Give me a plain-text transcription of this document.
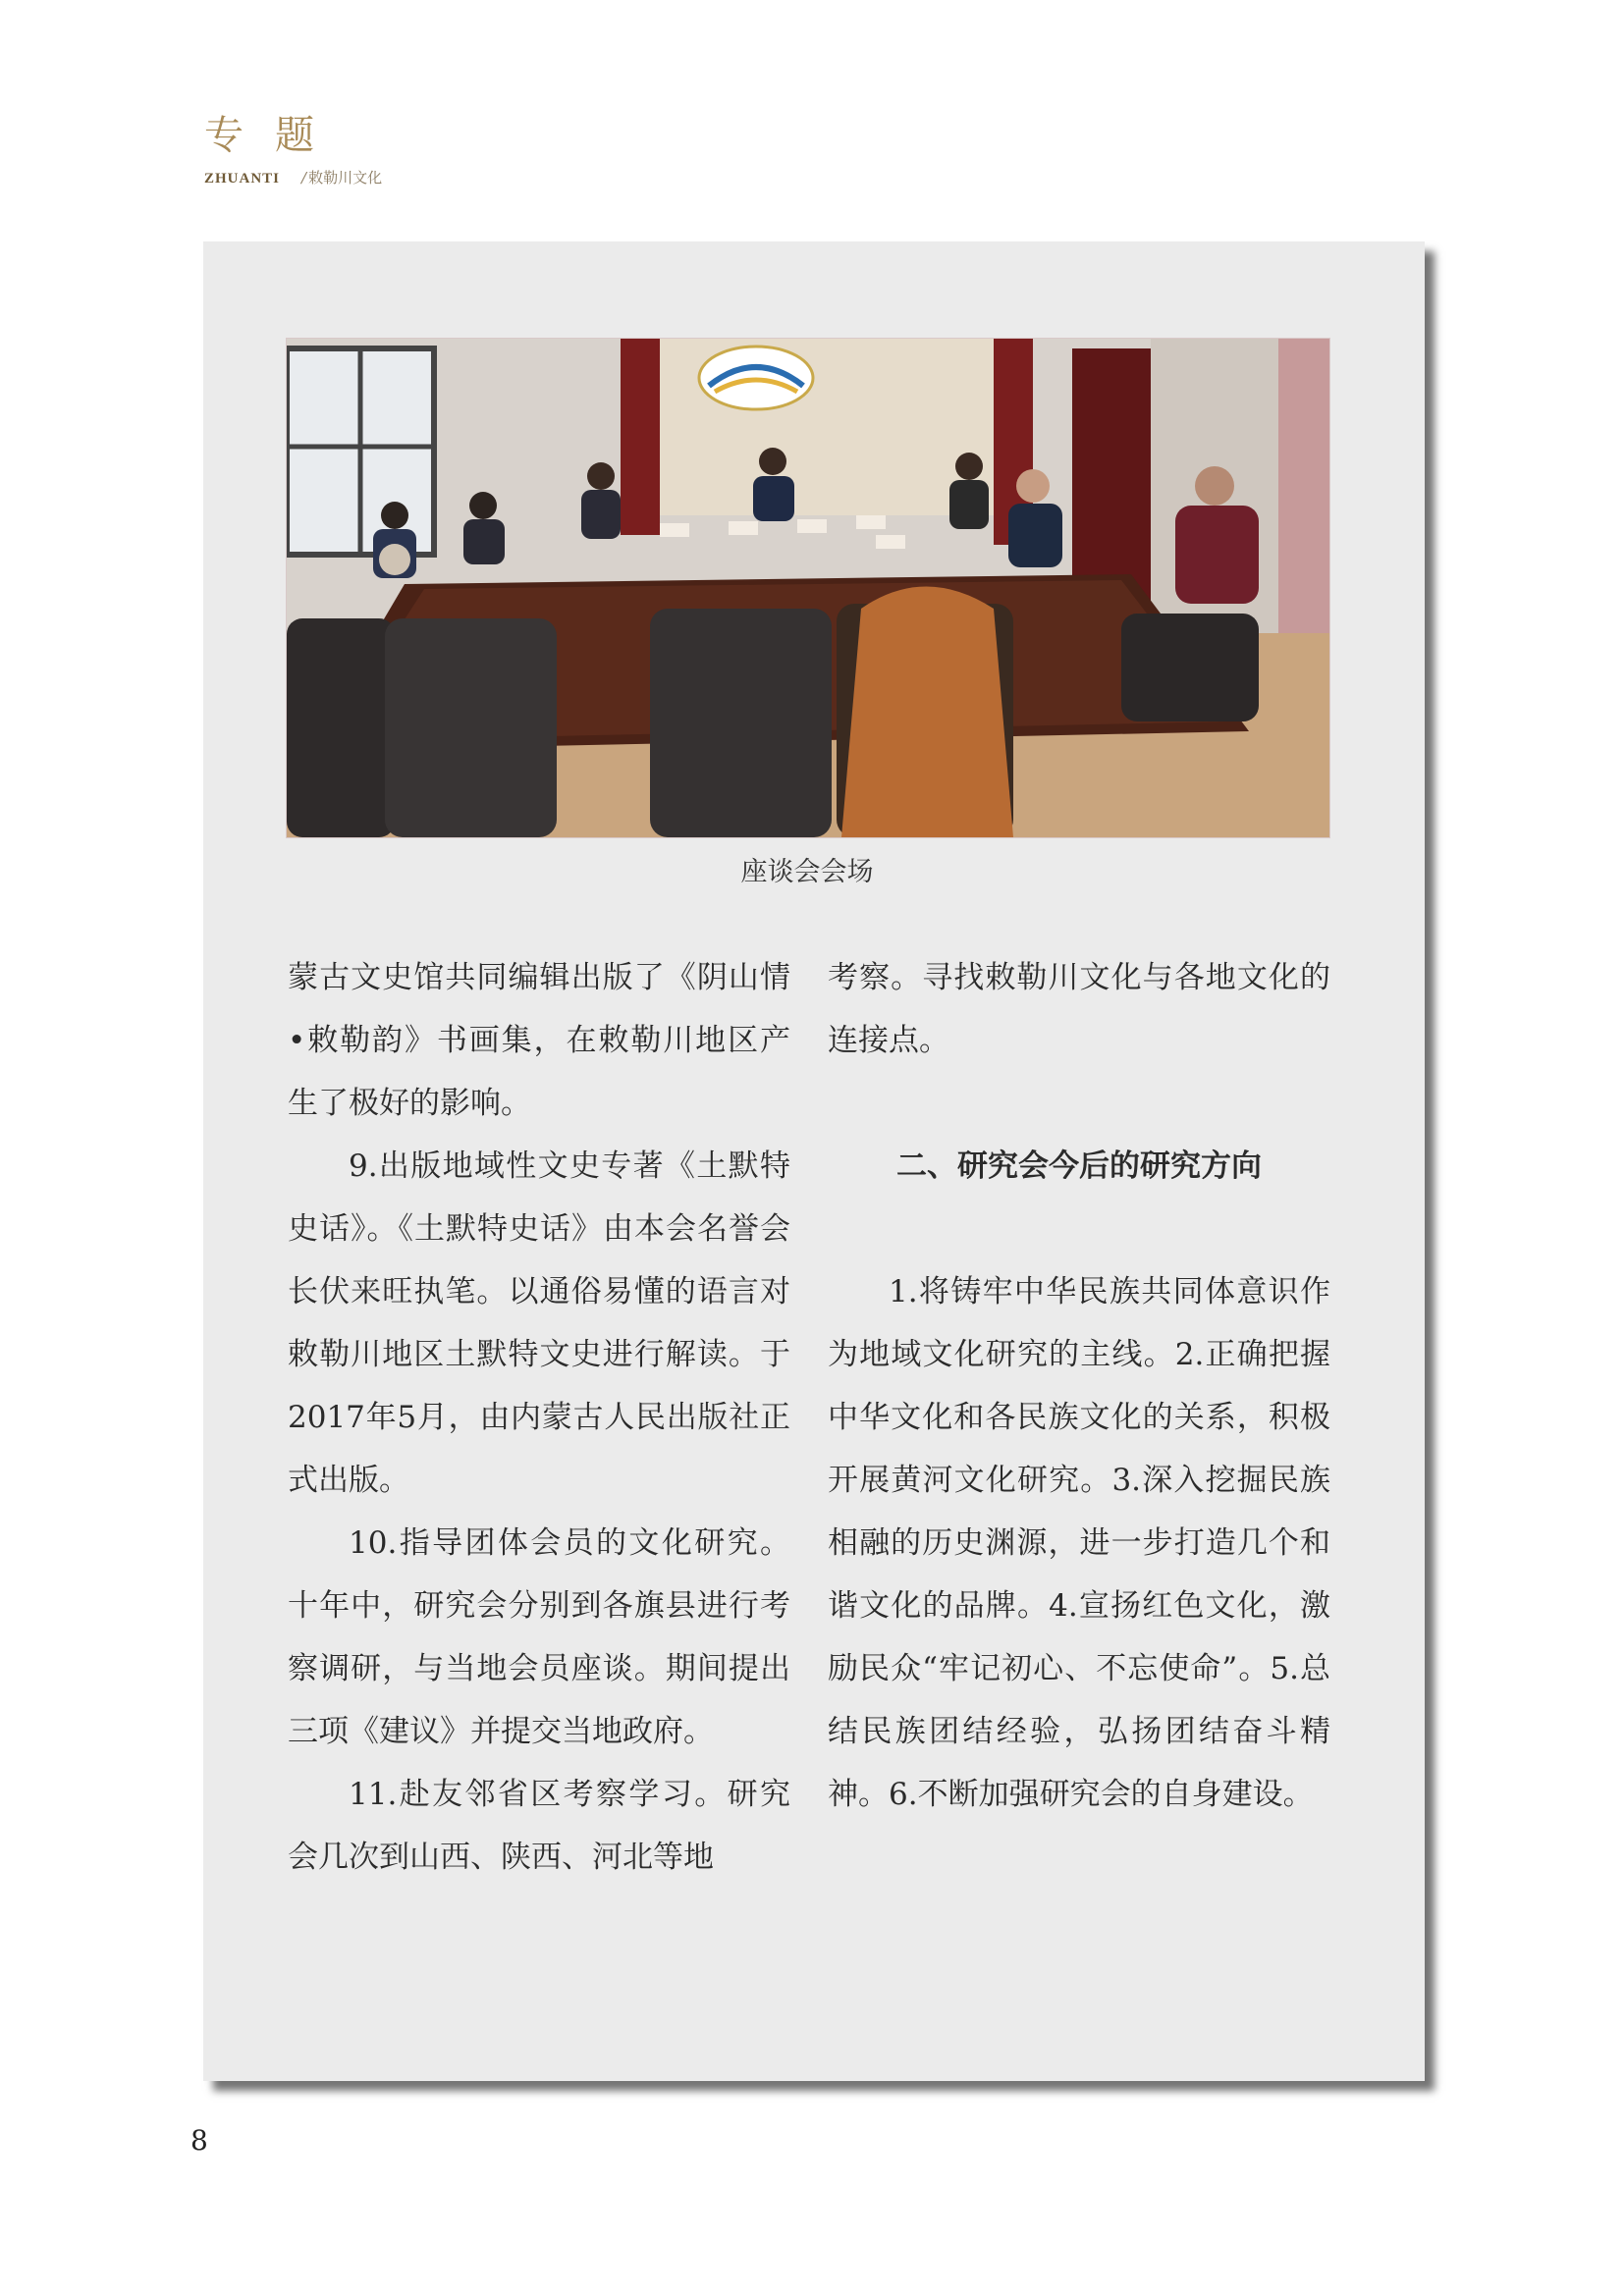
专题
ZHUANTI / 敕勒川文化
座谈会会场

蒙古文史馆共同编辑出版了《阴山情•敕勒韵》书画集，在敕勒川地区产生了极好的影响。

9.出版地域性文史专著《土默特史话》。《土默特史话》由本会名誉会长伏来旺执笔。以通俗易懂的语言对敕勒川地区土默特文史进行解读。于2017年5月，由内蒙古人民出版社正式出版。

10.指导团体会员的文化研究。十年中，研究会分别到各旗县进行考察调研，与当地会员座谈。期间提出三项《建议》并提交当地政府。

11.赴友邻省区考察学习。研究会几次到山西、陕西、河北等地

考察。寻找敕勒川文化与各地文化的连接点。

二、研究会今后的研究方向

1.将铸牢中华民族共同体意识作为地域文化研究的主线。2.正确把握中华文化和各民族文化的关系，积极开展黄河文化研究。3.深入挖掘民族相融的历史渊源，进一步打造几个和谐文化的品牌。4.宣扬红色文化，激励民众“牢记初心、不忘使命”。5.总结民族团结经验，弘扬团结奋斗精神。6.不断加强研究会的自身建设。

8
